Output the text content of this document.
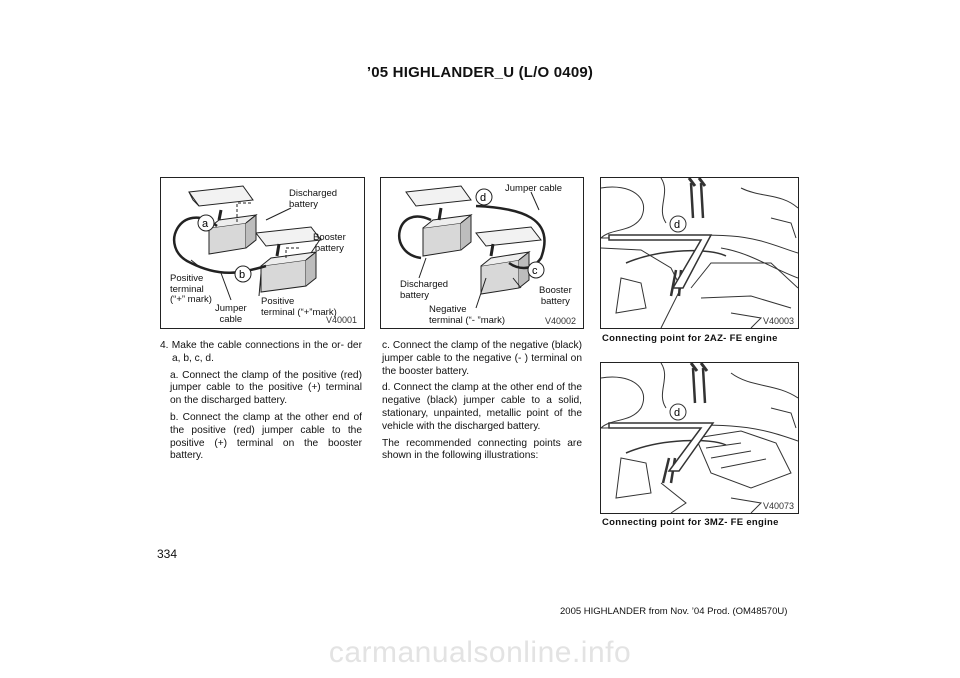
’05 HIGHLANDER_U (L/O 0409)
a
b
Discharged
battery
Booster
battery
Positive
terminal
(“+” mark)
Jumper
cable
Positive
terminal (“+”mark)
V40001
d
c
Jumper cable
Discharged
battery	Booster
battery
Negative
terminal (“- ”mark)	V40002
d
V40003
Connecting point for 2AZ- FE engine
d
V40073
Connecting point for 3MZ- FE engine

4. Make the cable connections in the or- der a, b, c, d.

a. Connect the clamp of the positive (red) jumper cable to the positive (+) terminal on the discharged battery.

b. Connect the clamp at the other end of the positive (red) jumper cable to the positive (+) terminal on the booster battery.

c. Connect the clamp of the negative (black) jumper cable to the negative (- ) terminal on the booster battery.

d. Connect the clamp at the other end of the negative (black) jumper cable to a solid, stationary, unpainted, metallic point of the vehicle with the discharged battery.

The recommended connecting points are shown in the following illustrations:

334
2005 HIGHLANDER from Nov. ’04 Prod. (OM48570U)
carmanualsonline.info
